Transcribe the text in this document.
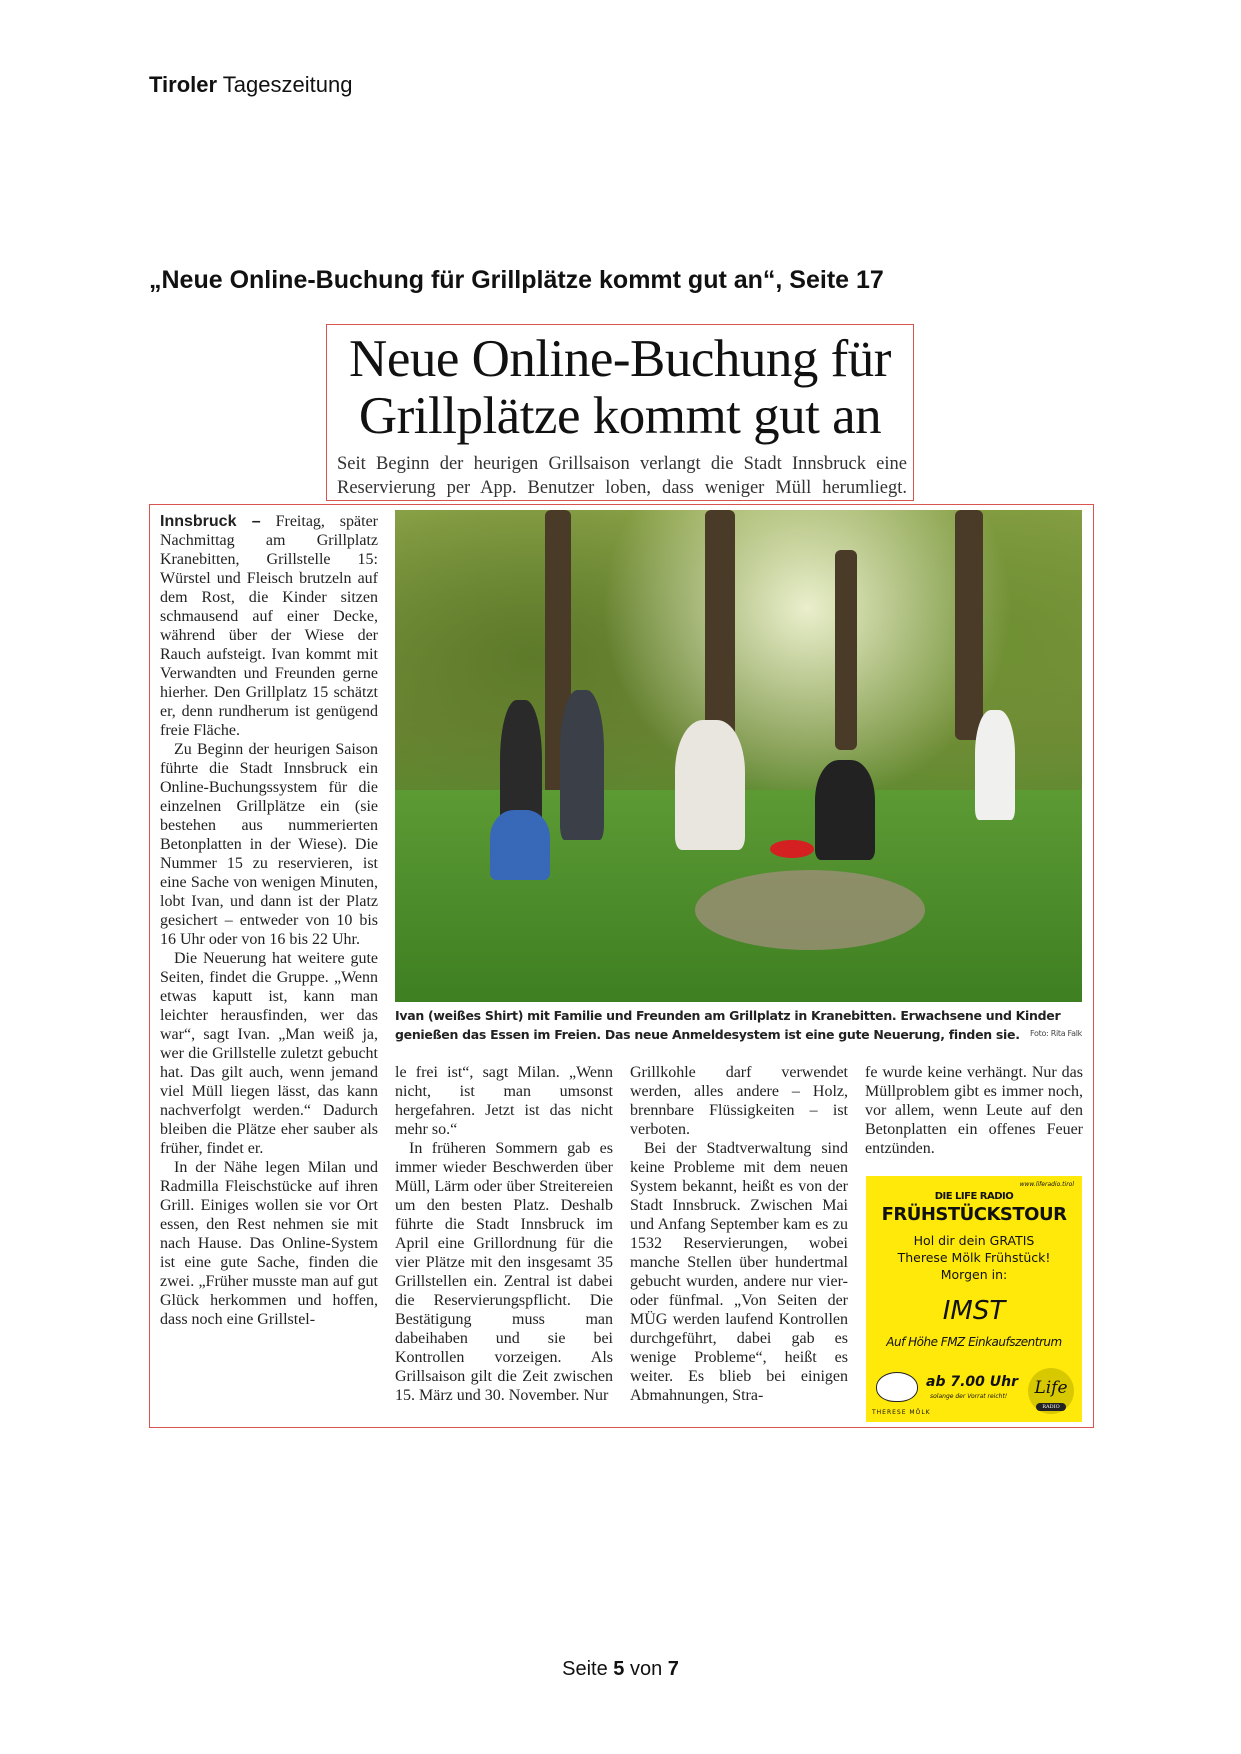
Tiroler Tageszeitung
„Neue Online-Buchung für Grillplätze kommt gut an“, Seite 17
Neue Online-Buchung für
Grillplätze kommt gut an
Seit Beginn der heurigen Grillsaison verlangt die Stadt Innsbruck eine Reservierung per App. Benutzer loben, dass weniger Müll herumliegt.
Ivan (weißes Shirt) mit Familie und Freunden am Grillplatz in Kranebitten. Erwachsene und Kinder genießen das Essen im Freien. Das neue Anmeldesystem ist eine gute Neuerung, finden sie. Foto: Rita Falk

Innsbruck – Freitag, später Nachmittag am Grillplatz Kranebitten, Grillstelle 15: Würstel und Fleisch brutzeln auf dem Rost, die Kinder sitzen schmausend auf einer Decke, während über der Wiese der Rauch aufsteigt. Ivan kommt mit Verwandten und Freunden gerne hierher. Den Grillplatz 15 schätzt er, denn rundherum ist genügend freie Fläche.

Zu Beginn der heurigen Saison führte die Stadt Innsbruck ein Online-Buchungssystem für die einzelnen Grillplätze ein (sie bestehen aus nummerierten Betonplatten in der Wiese). Die Nummer 15 zu reservieren, ist eine Sache von wenigen Minuten, lobt Ivan, und dann ist der Platz gesichert – entweder von 10 bis 16 Uhr oder von 16 bis 22 Uhr.

Die Neuerung hat weitere gute Seiten, findet die Gruppe. „Wenn etwas kaputt ist, kann man leichter herausfinden, wer das war“, sagt Ivan. „Man weiß ja, wer die Grillstelle zuletzt gebucht hat. Das gilt auch, wenn jemand viel Müll liegen lässt, das kann nachverfolgt werden.“ Dadurch bleiben die Plätze eher sauber als früher, findet er.

In der Nähe legen Milan und Radmilla Fleischstücke auf ihren Grill. Einiges wollen sie vor Ort essen, den Rest nehmen sie mit nach Hause. Das Online-System ist eine gute Sache, finden die zwei. „Früher musste man auf gut Glück herkommen und hoffen, dass noch eine Grillstel-

le frei ist“, sagt Milan. „Wenn nicht, ist man umsonst hergefahren. Jetzt ist das nicht mehr so.“

In früheren Sommern gab es immer wieder Beschwerden über Müll, Lärm oder über Streitereien um den besten Platz. Deshalb führte die Stadt Innsbruck im April eine Grillordnung für die vier Plätze mit den insgesamt 35 Grillstellen ein. Zentral ist dabei die Reservierungspflicht. Die Bestätigung muss man dabeihaben und sie bei Kontrollen vorzeigen. Als Grillsaison gilt die Zeit zwischen 15. März und 30. November. Nur

Grillkohle darf verwendet werden, alles andere – Holz, brennbare Flüssigkeiten – ist verboten.

Bei der Stadtverwaltung sind keine Probleme mit dem neuen System bekannt, heißt es von der Stadt Innsbruck. Zwischen Mai und Anfang September kam es zu 1532 Reservierungen, wobei manche Stellen über hundertmal gebucht wurden, andere nur vier- oder fünfmal. „Von Seiten der MÜG werden laufend Kontrollen durchgeführt, dabei gab es wenige Probleme“, heißt es weiter. Es blieb bei einigen Abmahnungen, Stra-

fe wurde keine verhängt. Nur das Müllproblem gibt es immer noch, vor allem, wenn Leute auf den Betonplatten ein offenes Feuer entzünden.

www.liferadio.tirol
DIE LIFE RADIO
FRÜHSTÜCKSTOUR
Hol dir dein GRATIS
Therese Mölk Frühstück!
Morgen in:
IMST
Auf Höhe FMZ Einkaufszentrum
ab 7.00 Uhr
solange der Vorrat reicht!
THERESE MÖLK
Life
RADIO
Seite 5 von 7
